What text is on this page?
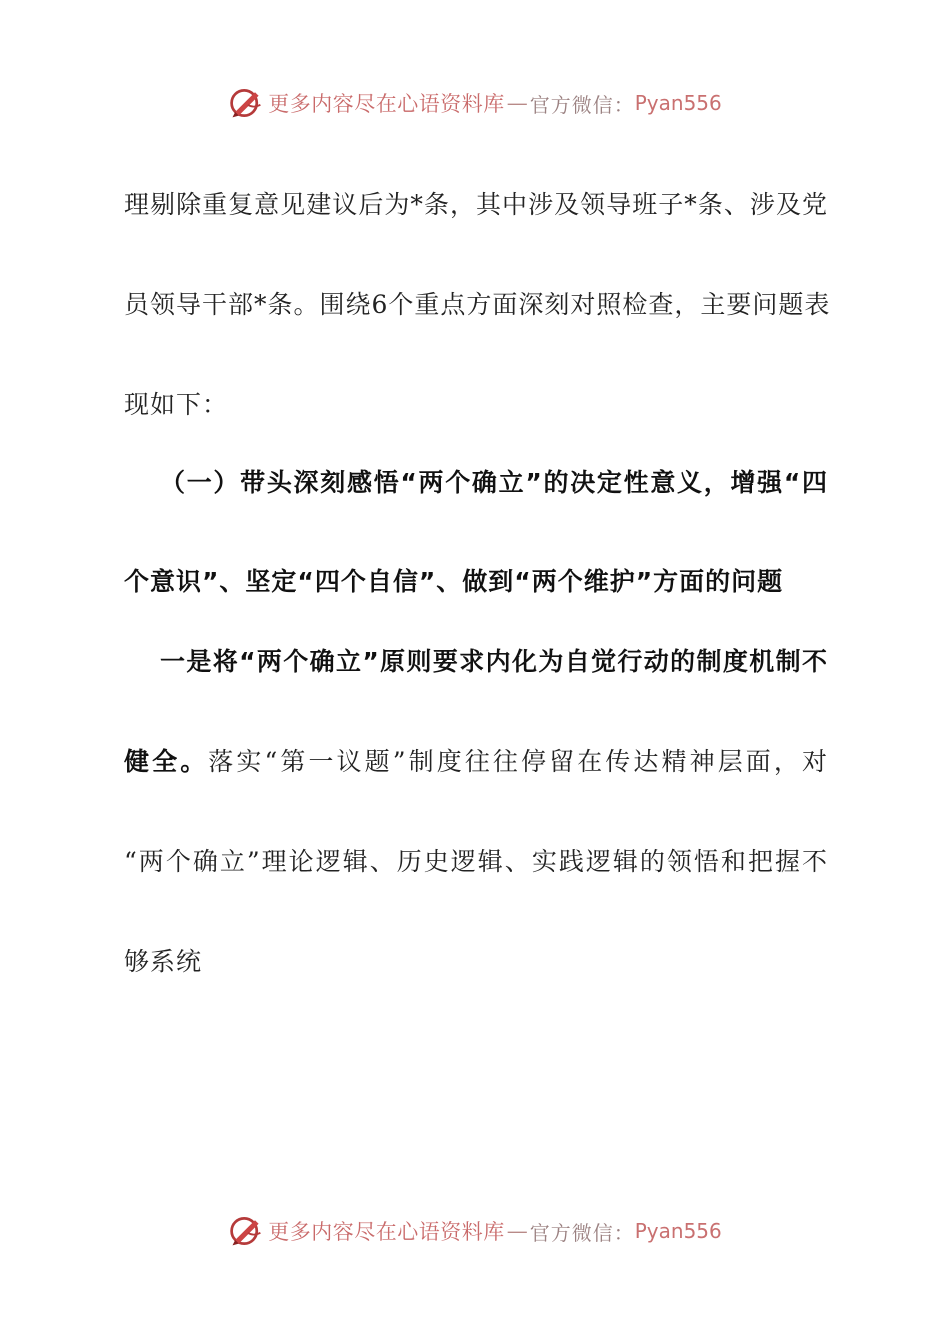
更多内容尽在心语资料库 — 官方微信： Pyan556
理剔除重复意见建议后为*条，其中涉及领导班子*条、涉及党
员领导干部*条。围绕6个重点方面深刻对照检查，主要问题表
现如下：
（一）带头深刻感悟“两个确立”的决定性意义，增强“四
个意识”、坚定“四个自信”、做到“两个维护”方面的问题
一是将“两个确立”原则要求内化为自觉行动的制度机制不
健全。落实“第一议题”制度往往停留在传达精神层面，对
“两个确立”理论逻辑、历史逻辑、实践逻辑的领悟和把握不
够系统
更多内容尽在心语资料库 — 官方微信： Pyan556
